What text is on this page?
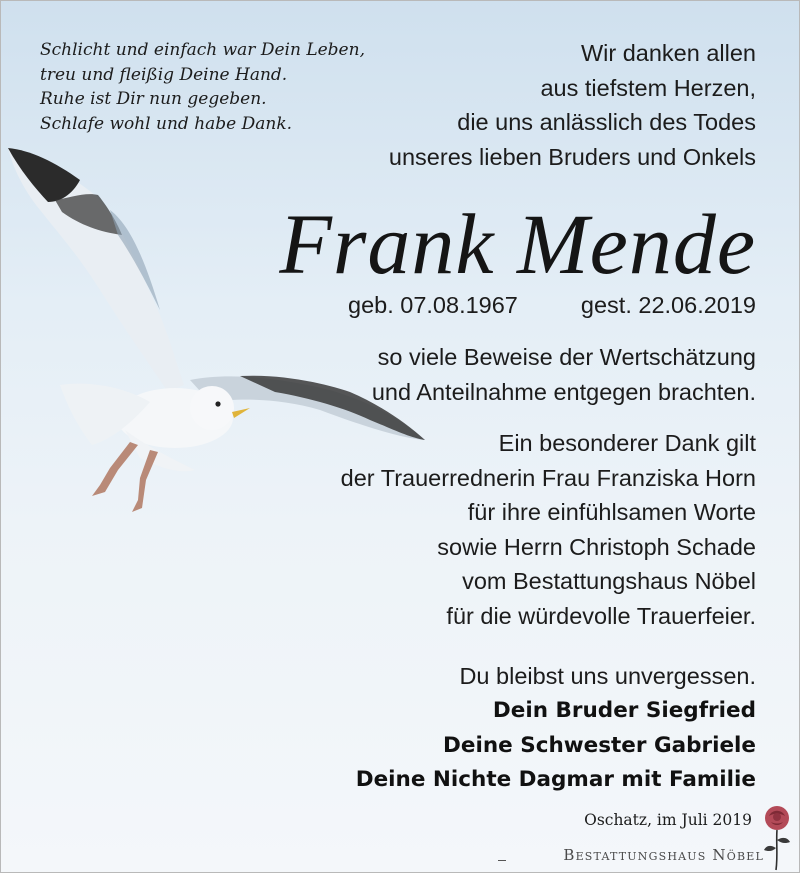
Schlicht und einfach war Dein Leben,
treu und fleißig Deine Hand.
Ruhe ist Dir nun gegeben.
Schlafe wohl und habe Dank.
Wir danken allen
aus tiefstem Herzen,
die uns anlässlich des Todes
unseres lieben Bruders und Onkels
Frank Mende
geb. 07.08.1967	gest. 22.06.2019
so viele Beweise der Wertschätzung
und Anteilnahme entgegen brachten.
Ein besonderer Dank gilt
der Trauerrednerin Frau Franziska Horn
für ihre einfühlsamen Worte
sowie Herrn Christoph Schade
vom Bestattungshaus Nöbel
für die würdevolle Trauerfeier.
Du bleibst uns unvergessen.
Dein Bruder Siegfried
Deine Schwester Gabriele
Deine Nichte Dagmar mit Familie
Oschatz, im Juli 2019
Bestattungshaus Nöbel
